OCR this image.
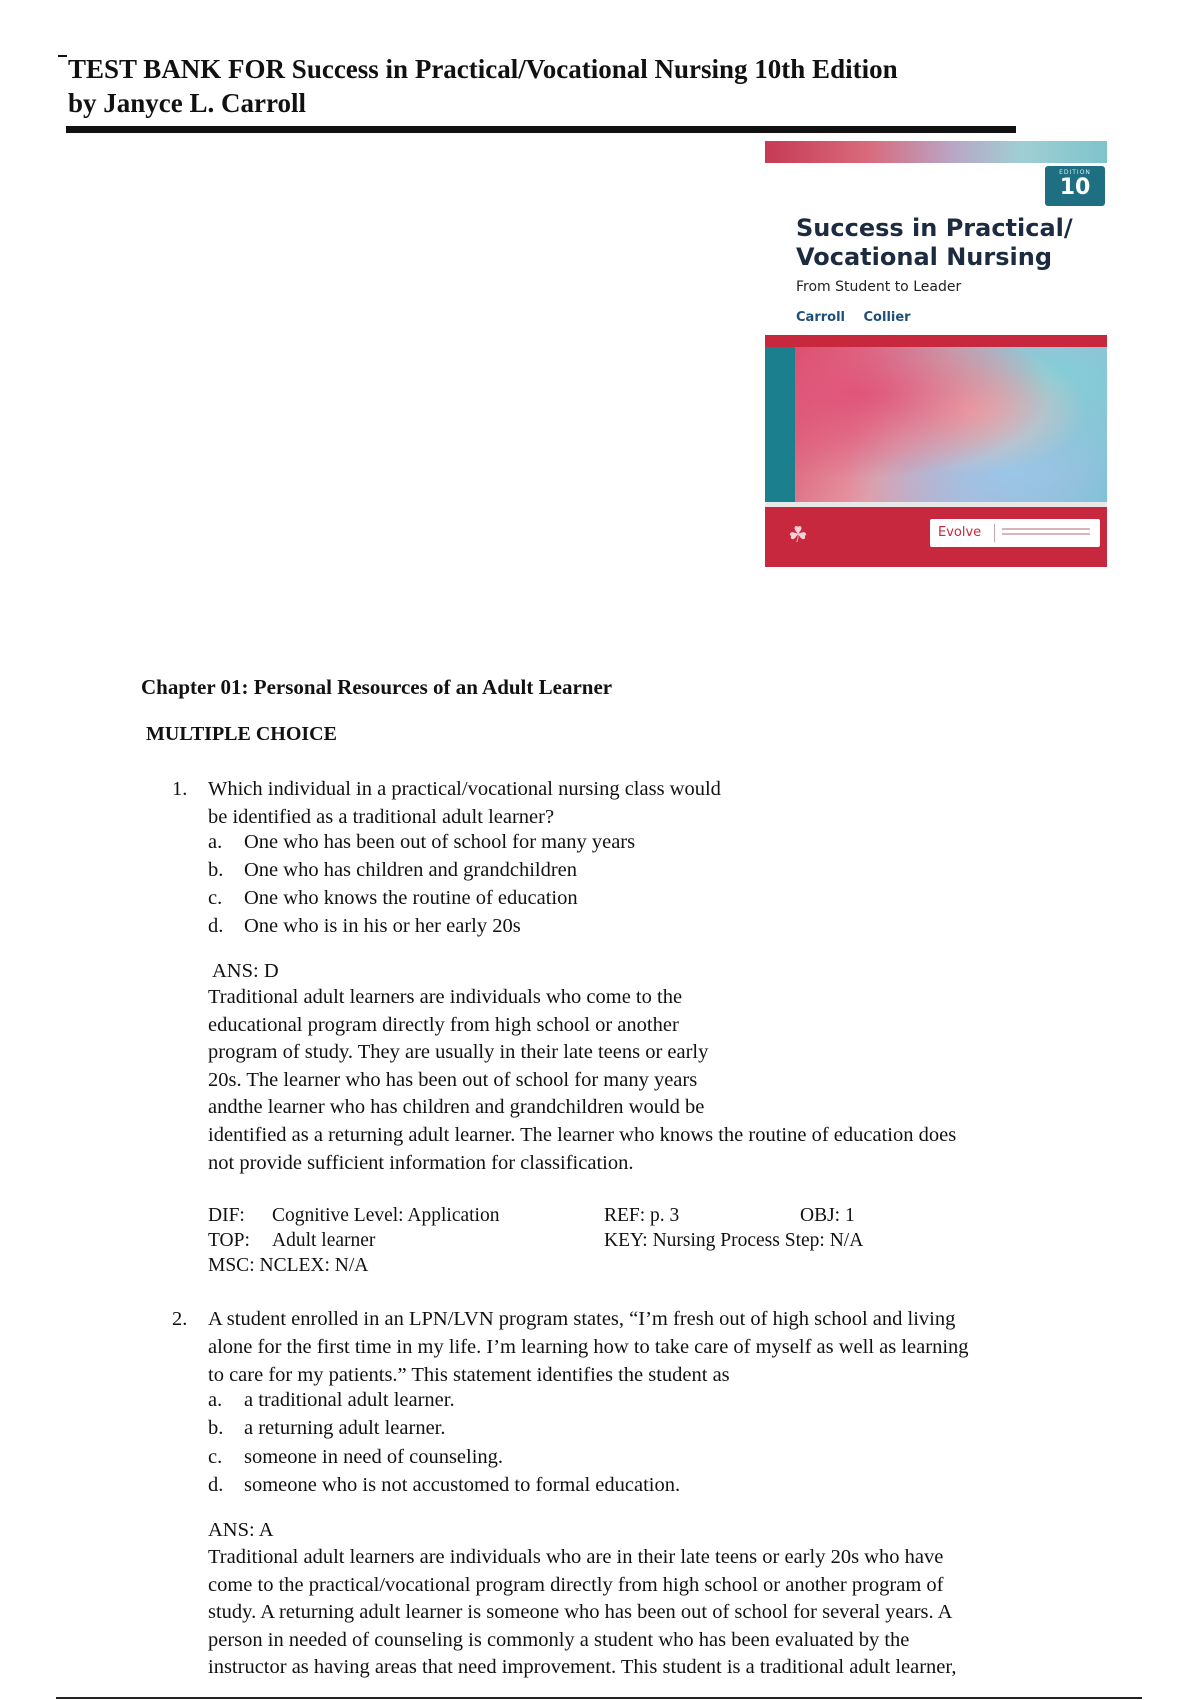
TEST BANK FOR Success in Practical/Vocational Nursing 10th Edition
by Janyce L. Carroll
EDITION
10
Success in Practical/
Vocational Nursing
From Student to Leader
Carroll Collier
☘	Evolve
Chapter 01: Personal Resources of an Adult Learner
MULTIPLE CHOICE
1. Which individual in a practical/vocational nursing class would
be identified as a traditional adult learner?

a. One who has been out of school for many years
b. One who has children and grandchildren
c. One who knows the routine of education
d. One who is in his or her early 20s
ANS: D

Traditional adult learners are individuals who come to the
educational program directly from high school or another
program of study. They are usually in their late teens or early
20s. The learner who has been out of school for many years
andthe learner who has children and grandchildren would be
identified as a returning adult learner. The learner who knows the routine of education does
not provide sufficient information for classification.

DIF: Cognitive Level: Application	REF: p. 3	OBJ: 1
TOP: Adult learner	KEY: Nursing Process Step: N/A
MSC: NCLEX: N/A
2. A student enrolled in an LPN/LVN program states, “I’m fresh out of high school and living
alone for the first time in my life. I’m learning how to take care of myself as well as learning
to care for my patients.” This statement identifies the student as

a. a traditional adult learner.
b. a returning adult learner.
c. someone in need of counseling.
d. someone who is not accustomed to formal education.
ANS: A

Traditional adult learners are individuals who are in their late teens or early 20s who have
come to the practical/vocational program directly from high school or another program of
study. A returning adult learner is someone who has been out of school for several years. A
person in needed of counseling is commonly a student who has been evaluated by the
instructor as having areas that need improvement. This student is a traditional adult learner,
